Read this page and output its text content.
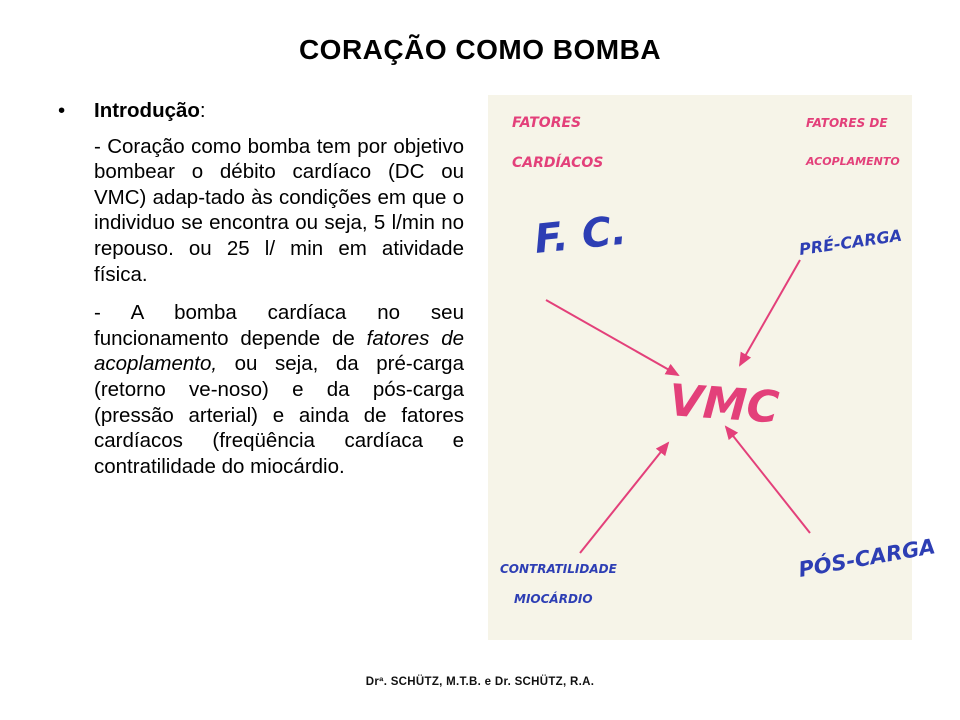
CORAÇÃO COMO BOMBA
• Introdução:
- Coração como bomba tem por objetivo bombear o débito cardíaco (DC ou VMC) adap-tado às condições em que o individuo se encontra ou seja, 5 l/min no repouso. ou 25 l/ min em atividade física.
- A bomba cardíaca no seu funcionamento depende de fatores de acoplamento, ou seja, da pré-carga (retorno ve-noso) e da pós-carga (pressão arterial) e ainda de fatores cardíacos (freqüência cardíaca e contratilidade do miocárdio.
FATORES
CARDÍACOS
FATORES DE
ACOPLAMENTO
F. C.	PRÉ-CARGA
PÓS-CARGA
CONTRATILIDADE
MIOCÁRDIO
VMC
Drª. SCHÜTZ, M.T.B. e Dr. SCHÜTZ, R.A.
